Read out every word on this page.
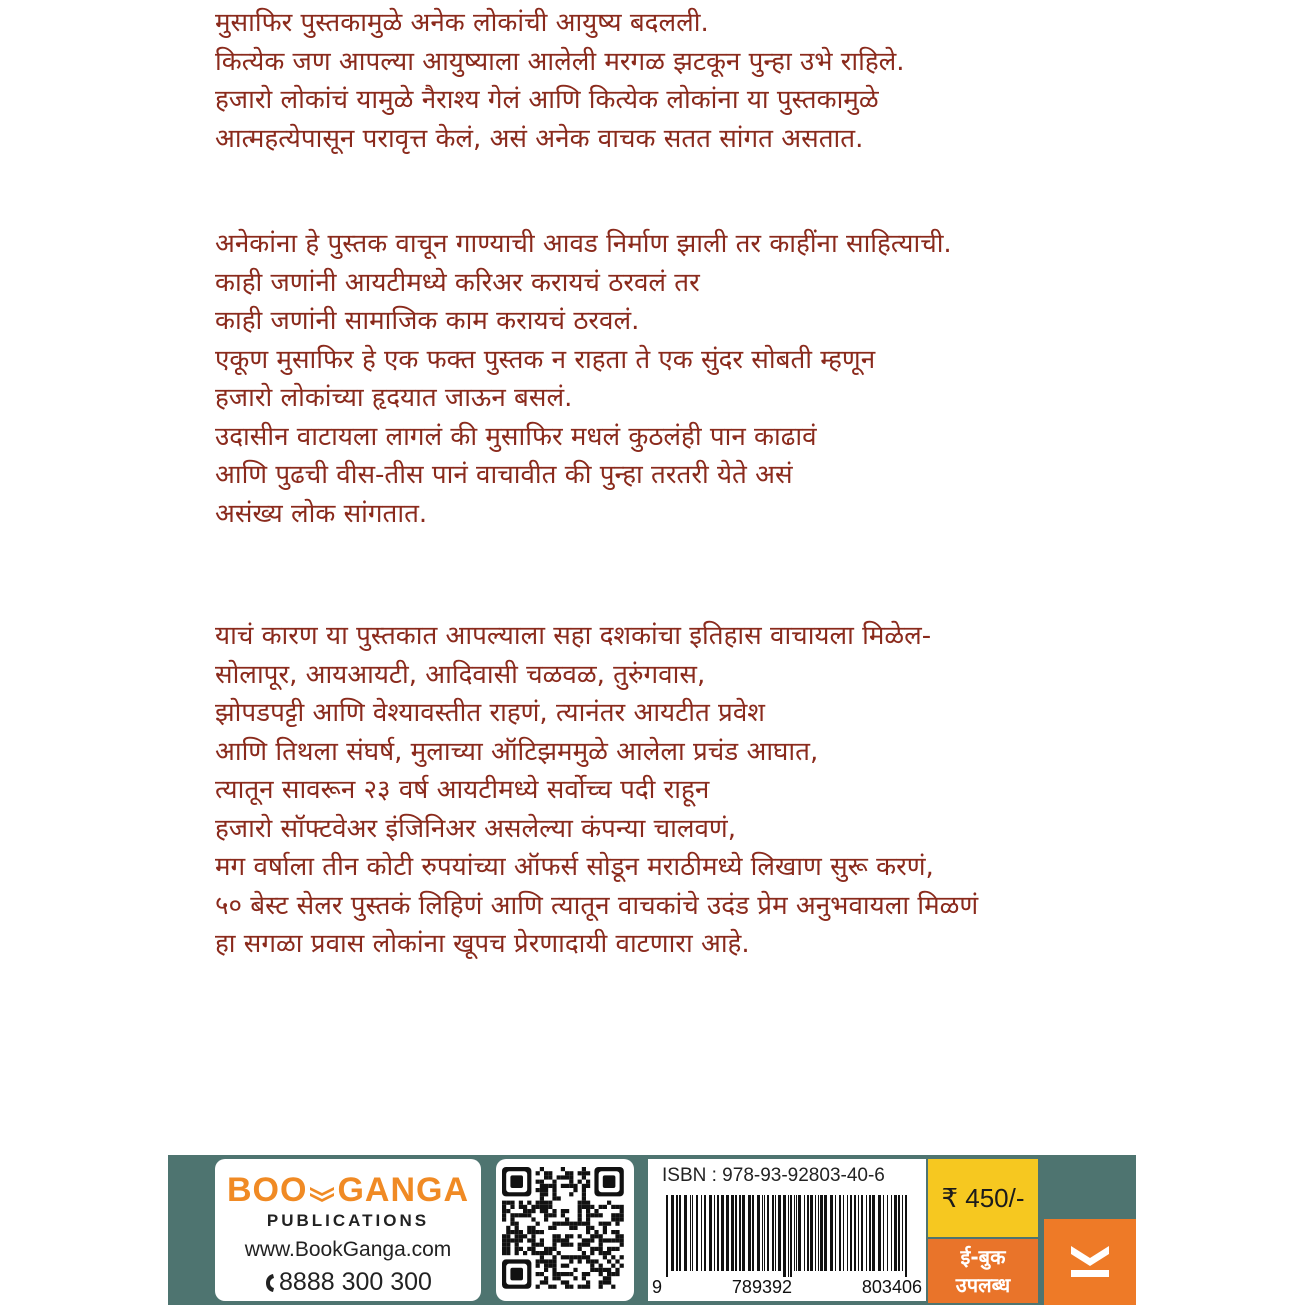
मुसाफिर पुस्तकामुळे अनेक लोकांची आयुष्य बदलली.
कित्येक जण आपल्या आयुष्याला आलेली मरगळ झटकून पुन्हा उभे राहिले.
हजारो लोकांचं यामुळे नैराश्य गेलं आणि कित्येक लोकांना या पुस्तकामुळे
आत्महत्येपासून परावृत्त केलं, असं अनेक वाचक सतत सांगत असतात.
अनेकांना हे पुस्तक वाचून गाण्याची आवड निर्माण झाली तर काहींना साहित्याची.
काही जणांनी आयटीमध्ये करिअर करायचं ठरवलं तर
काही जणांनी सामाजिक काम करायचं ठरवलं.
एकूण मुसाफिर हे एक फक्त पुस्तक न राहता ते एक सुंदर सोबती म्हणून
हजारो लोकांच्या हृदयात जाऊन बसलं.
उदासीन वाटायला लागलं की मुसाफिर मधलं कुठलंही पान काढावं
आणि पुढची वीस-तीस पानं वाचावीत की पुन्हा तरतरी येते असं
असंख्य लोक सांगतात.
याचं कारण या पुस्तकात आपल्याला सहा दशकांचा इतिहास वाचायला मिळेल-
सोलापूर, आयआयटी, आदिवासी चळवळ, तुरुंगवास,
झोपडपट्टी आणि वेश्यावस्तीत राहणं, त्यानंतर आयटीत प्रवेश
आणि तिथला संघर्ष, मुलाच्या ऑटिझममुळे आलेला प्रचंड आघात,
त्यातून सावरून २३ वर्ष आयटीमध्ये सर्वोच्च पदी राहून
हजारो सॉफ्टवेअर इंजिनिअर असलेल्या कंपन्या चालवणं,
मग वर्षाला तीन कोटी रुपयांच्या ऑफर्स सोडून मराठीमध्ये लिखाण सुरू करणं,
५० बेस्ट सेलर पुस्तकं लिहिणं आणि त्यातून वाचकांचे उदंड प्रेम अनुभवायला मिळणं
हा सगळा प्रवास लोकांना खूपच प्रेरणादायी वाटणारा आहे.
BOO GANGA
PUBLICATIONS
www.BookGanga.com
8888 300 300
ISBN : 978-93-92803-40-6
9	789392	803406
₹ 450/-
ई-बुक
उपलब्ध
